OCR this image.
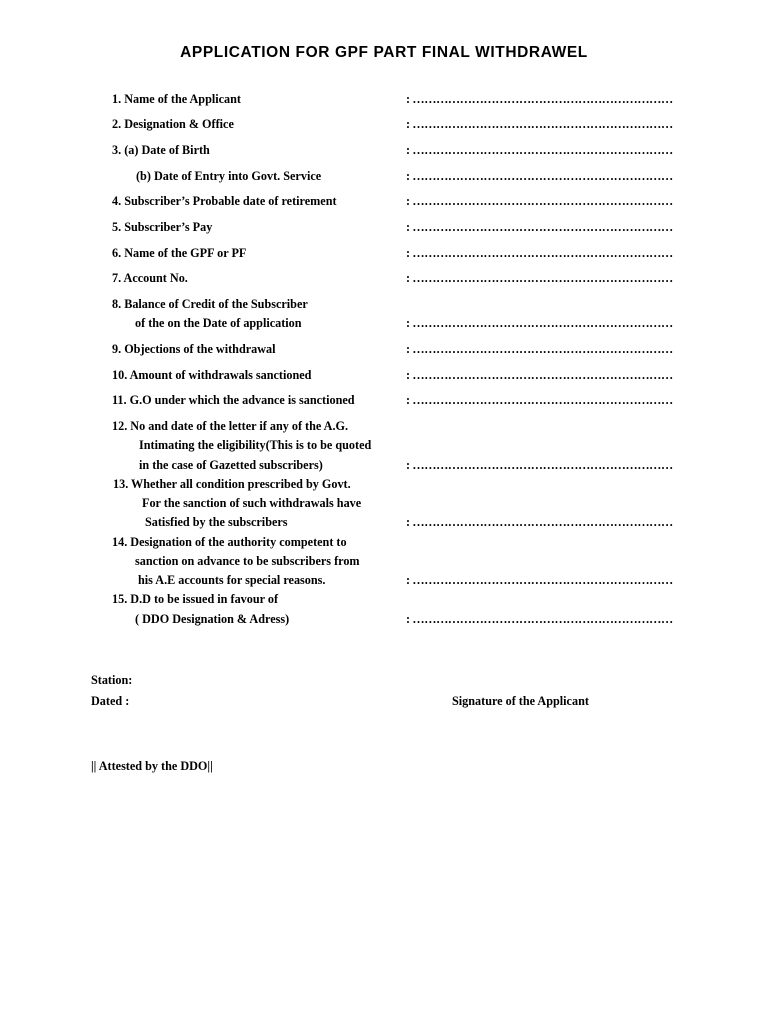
APPLICATION FOR GPF PART FINAL WITHDRAWEL
1. Name of the Applicant	: …………………………………………………………
2. Designation & Office	: …………………………………………………………
3. (a) Date of Birth	: …………………………………………………………
(b) Date of Entry into Govt. Service	: …………………………………………………………
4. Subscriber’s Probable date of retirement	: …………………………………………………………
5. Subscriber’s Pay	: …………………………………………………………
6. Name of the GPF or PF	: …………………………………………………………
7. Account No.	: …………………………………………………………
8. Balance of Credit of the Subscriber
of the on the Date of application	: …………………………………………………………
9. Objections of the withdrawal	: …………………………………………………………
10. Amount of withdrawals sanctioned	: …………………………………………………………
11. G.O under which the advance is sanctioned	: …………………………………………………………
12. No and date of the letter if any of the A.G.
Intimating the eligibility(This is to be quoted
in the case of Gazetted subscribers)	: …………………………………………………………
13. Whether all condition prescribed by Govt.
For the sanction of such withdrawals have
Satisfied by the subscribers	: …………………………………………………………
14. Designation of the authority competent to
sanction on advance to be subscribers from
his A.E accounts for special reasons.	: …………………………………………………………
15. D.D to be issued in favour of
( DDO Designation & Adress)	: …………………………………………………………
Station:
Dated :	Signature of the Applicant
|| Attested by the DDO||
